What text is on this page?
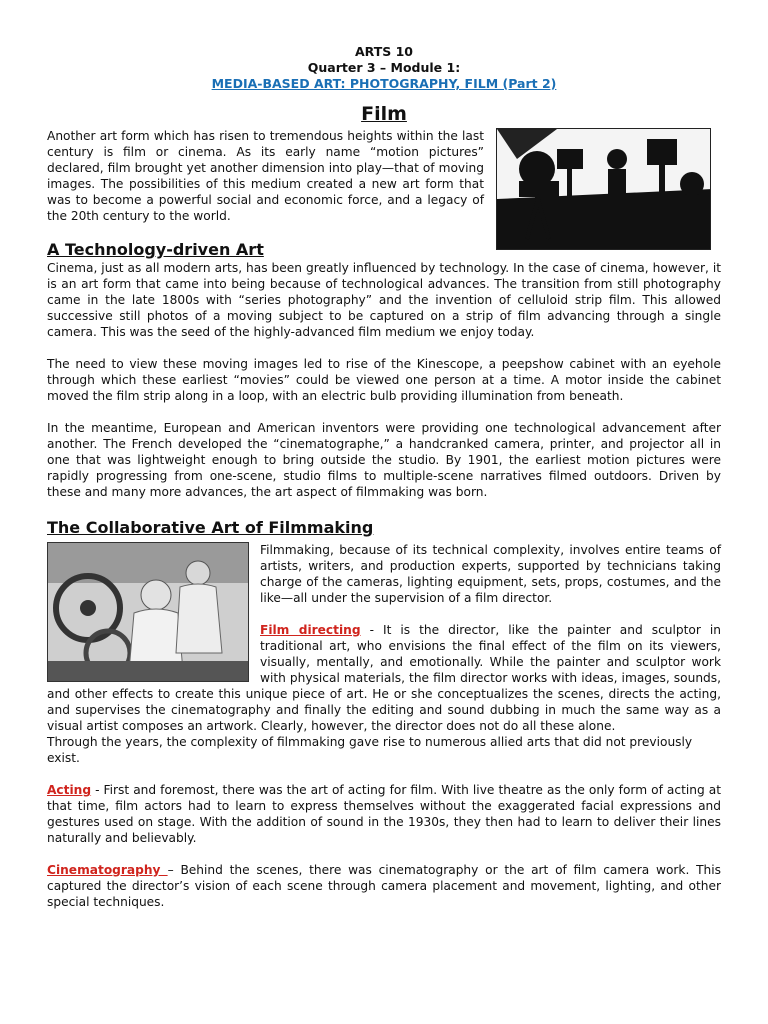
ARTS 10
Quarter 3 – Module 1:
MEDIA-BASED ART: PHOTOGRAPHY, FILM (Part 2)
Film

Another art form which has risen to tremendous heights within the last century is film or cinema. As its early name “motion pictures” declared, film brought yet another dimension into play—that of moving images. The possibilities of this medium created a new art form that was to become a powerful social and economic force, and a legacy of the 20th century to the world.

A Technology-driven Art

Cinema, just as all modern arts, has been greatly influenced by technology. In the case of cinema, however, it is an art form that came into being because of technological advances. The transition from still photography came in the late 1800s with “series photography” and the invention of celluloid strip film. This allowed successive still photos of a moving subject to be captured on a strip of film advancing through a single camera. This was the seed of the highly-advanced film medium we enjoy today.

The need to view these moving images led to rise of the Kinescope, a peepshow cabinet with an eyehole through which these earliest “movies” could be viewed one person at a time. A motor inside the cabinet moved the film strip along in a loop, with an electric bulb providing illumination from beneath.

In the meantime, European and American inventors were providing one technological advancement after another. The French developed the “cinematographe,” a handcranked camera, printer, and projector all in one that was lightweight enough to bring outside the studio. By 1901, the earliest motion pictures were rapidly progressing from one-scene, studio films to multiple-scene narratives filmed outdoors. Driven by these and many more advances, the art aspect of filmmaking was born.

The Collaborative Art of Filmmaking

Filmmaking, because of its technical complexity, involves entire teams of artists, writers, and production experts, supported by technicians taking charge of the cameras, lighting equipment, sets, props, costumes, and the like—all under the supervision of a film director.

Film directing - It is the director, like the painter and sculptor in traditional art, who envisions the final effect of the film on its viewers, visually, mentally, and emotionally. While the painter and sculptor work with physical materials, the film director works with ideas, images, sounds, and other effects to create this unique piece of art. He or she conceptualizes the scenes, directs the acting, and supervises the cinematography and finally the editing and sound dubbing in much the same way as a visual artist composes an artwork. Clearly, however, the director does not do all these alone.

Through the years, the complexity of filmmaking gave rise to numerous allied arts that did not previously exist.

Acting - First and foremost, there was the art of acting for film. With live theatre as the only form of acting at that time, film actors had to learn to express themselves without the exaggerated facial expressions and gestures used on stage. With the addition of sound in the 1930s, they then had to learn to deliver their lines naturally and believably.

Cinematography – Behind the scenes, there was cinematography or the art of film camera work. This captured the director’s vision of each scene through camera placement and movement, lighting, and other special techniques.
